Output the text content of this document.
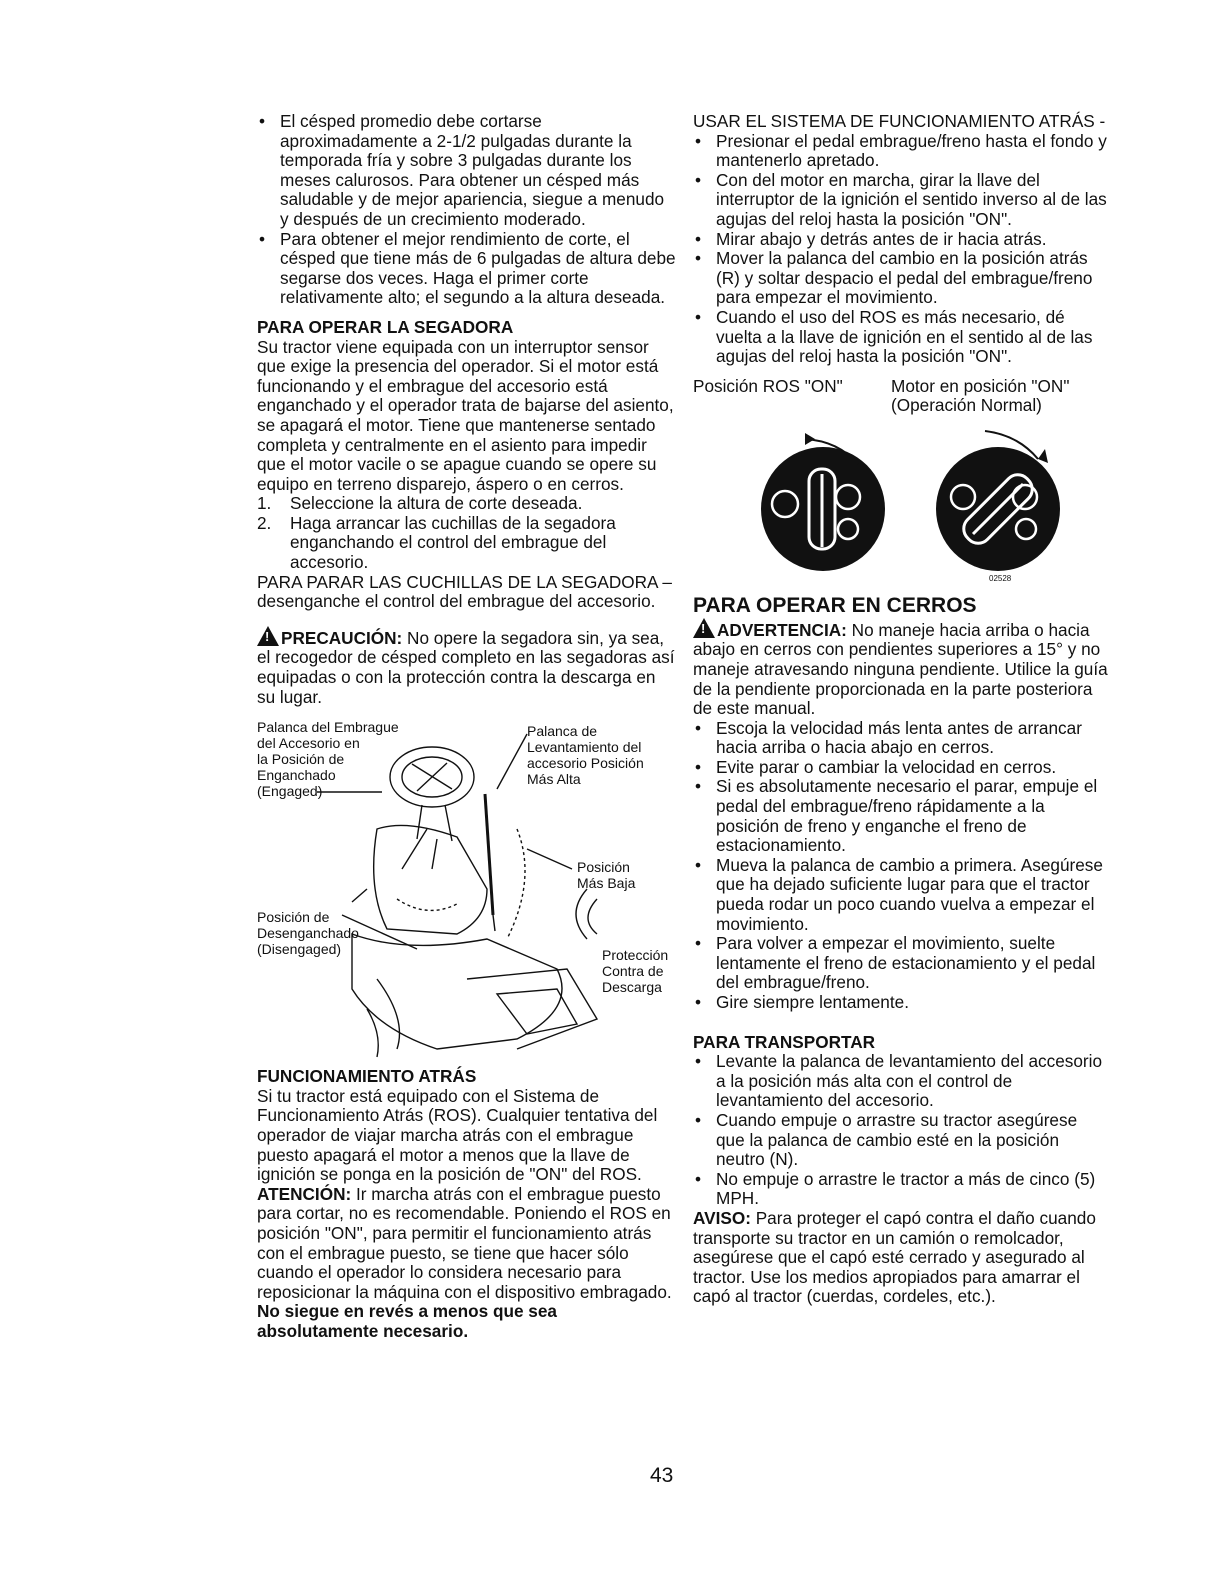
• El césped promedio debe cortarse aproximadamente a 2-1/2 pulgadas durante la temporada fría y sobre 3 pulgadas durante los meses calurosos. Para obtener un césped más saludable y de mejor apariencia, siegue a menudo y después de un crecimiento moderado.
• Para obtener el mejor rendimiento de corte, el césped que tiene más de 6 pulgadas de altura debe segarse dos veces. Haga el primer corte relativamente alto; el segundo a la altura deseada.

PARA OPERAR LA SEGADORA

Su tractor viene equipada con un interruptor sensor que exige la presencia del operador. Si el motor está funcionando y el embrague del accesorio está enganchado y el operador trata de bajarse del asiento, se apagará el motor. Tiene que mantenerse sentado completa y centralmente en el asiento para impedir que el motor vacile o se apague cuando se opere su equipo en terreno disparejo, áspero o en cerros.

1. Seleccione la altura de corte deseada.
2. Haga arrancar las cuchillas de la segadora enganchando el control del embrague del accesorio.

PARA PARAR LAS CUCHILLAS DE LA SEGADORA – desenganche el control del embrague del accesorio.

!PRECAUCIÓN: No opere la segadora sin, ya sea, el recogedor de césped completo en las segadoras así equipadas o con la protección contra la descarga en su lugar.

Palanca del Embrague
del Accesorio en
la Posición de
Enganchado
(Engaged)
Palanca de
Levantamiento del
accesorio Posición
Más Alta
Posición
Más Baja
Posición de
Desenganchado
(Disengaged)	Protección
Contra de
Descarga

FUNCIONAMIENTO ATRÁS

Si tu tractor está equipado con el Sistema de Funcionamiento Atrás (ROS). Cualquier tentativa del operador de viajar marcha atrás con el embrague puesto apagará el motor a menos que la llave de ignición se ponga en la posición de "ON" del ROS.

ATENCIÓN: Ir marcha atrás con el embrague puesto para cortar, no es recomendable. Poniendo el ROS en posición "ON", para permitir el funcionamiento atrás con el embrague puesto, se tiene que hacer sólo cuando el operador lo considera necesario para reposicionar la máquina con el dispositivo embragado. No siegue en revés a menos que sea absolutamente necesario.

USAR EL SISTEMA DE FUNCIONAMIENTO ATRÁS -

• Presionar el pedal embrague/freno hasta el fondo y mantenerlo apretado.
• Con del motor en marcha, girar la llave del interruptor de la ignición el sentido inverso al de las agujas del reloj hasta la posición "ON".
• Mirar abajo y detrás antes de ir hacia atrás.
• Mover la palanca del cambio en la posición atrás (R) y soltar despacio el pedal del embrague/freno para empezar el movimiento.
• Cuando el uso del ROS es más necesario, dé vuelta a la llave de ignición en el sentido al de las agujas del reloj hasta la posición "ON".
Posición ROS "ON"	Motor en posición "ON"
(Operación Normal)
02528

PARA OPERAR EN CERROS

!ADVERTENCIA: No maneje hacia arriba o hacia abajo en cerros con pendientes superiores a 15° y no maneje atravesando ninguna pendiente. Utilice la guía de la pendiente proporcionada en la parte posteriora de este manual.

• Escoja la velocidad más lenta antes de arrancar hacia arriba o hacia abajo en cerros.
• Evite parar o cambiar la velocidad en cerros.
• Si es absolutamente necesario el parar, empuje el pedal del embrague/freno rápidamente a la posición de freno y enganche el freno de estacionamiento.
• Mueva la palanca de cambio a primera. Asegúrese que ha dejado suficiente lugar para que el tractor pueda rodar un poco cuando vuelva a empezar el movimiento.
• Para volver a empezar el movimiento, suelte lentamente el freno de estacionamiento y el pedal del embrague/freno.
• Gire siempre lentamente.

PARA TRANSPORTAR

• Levante la palanca de levantamiento del accesorio a la posición más alta con el control de levantamiento del accesorio.
• Cuando empuje o arrastre su tractor asegúrese que la palanca de cambio esté en la posición neutro (N).
• No empuje o arrastre le tractor a más de cinco (5) MPH.

AVISO: Para proteger el capó contra el daño cuando transporte su tractor en un camión o remolcador, asegúrese que el capó esté cerrado y asegurado al tractor. Use los medios apropiados para amarrar el capó al tractor (cuerdas, cordeles, etc.).

43
